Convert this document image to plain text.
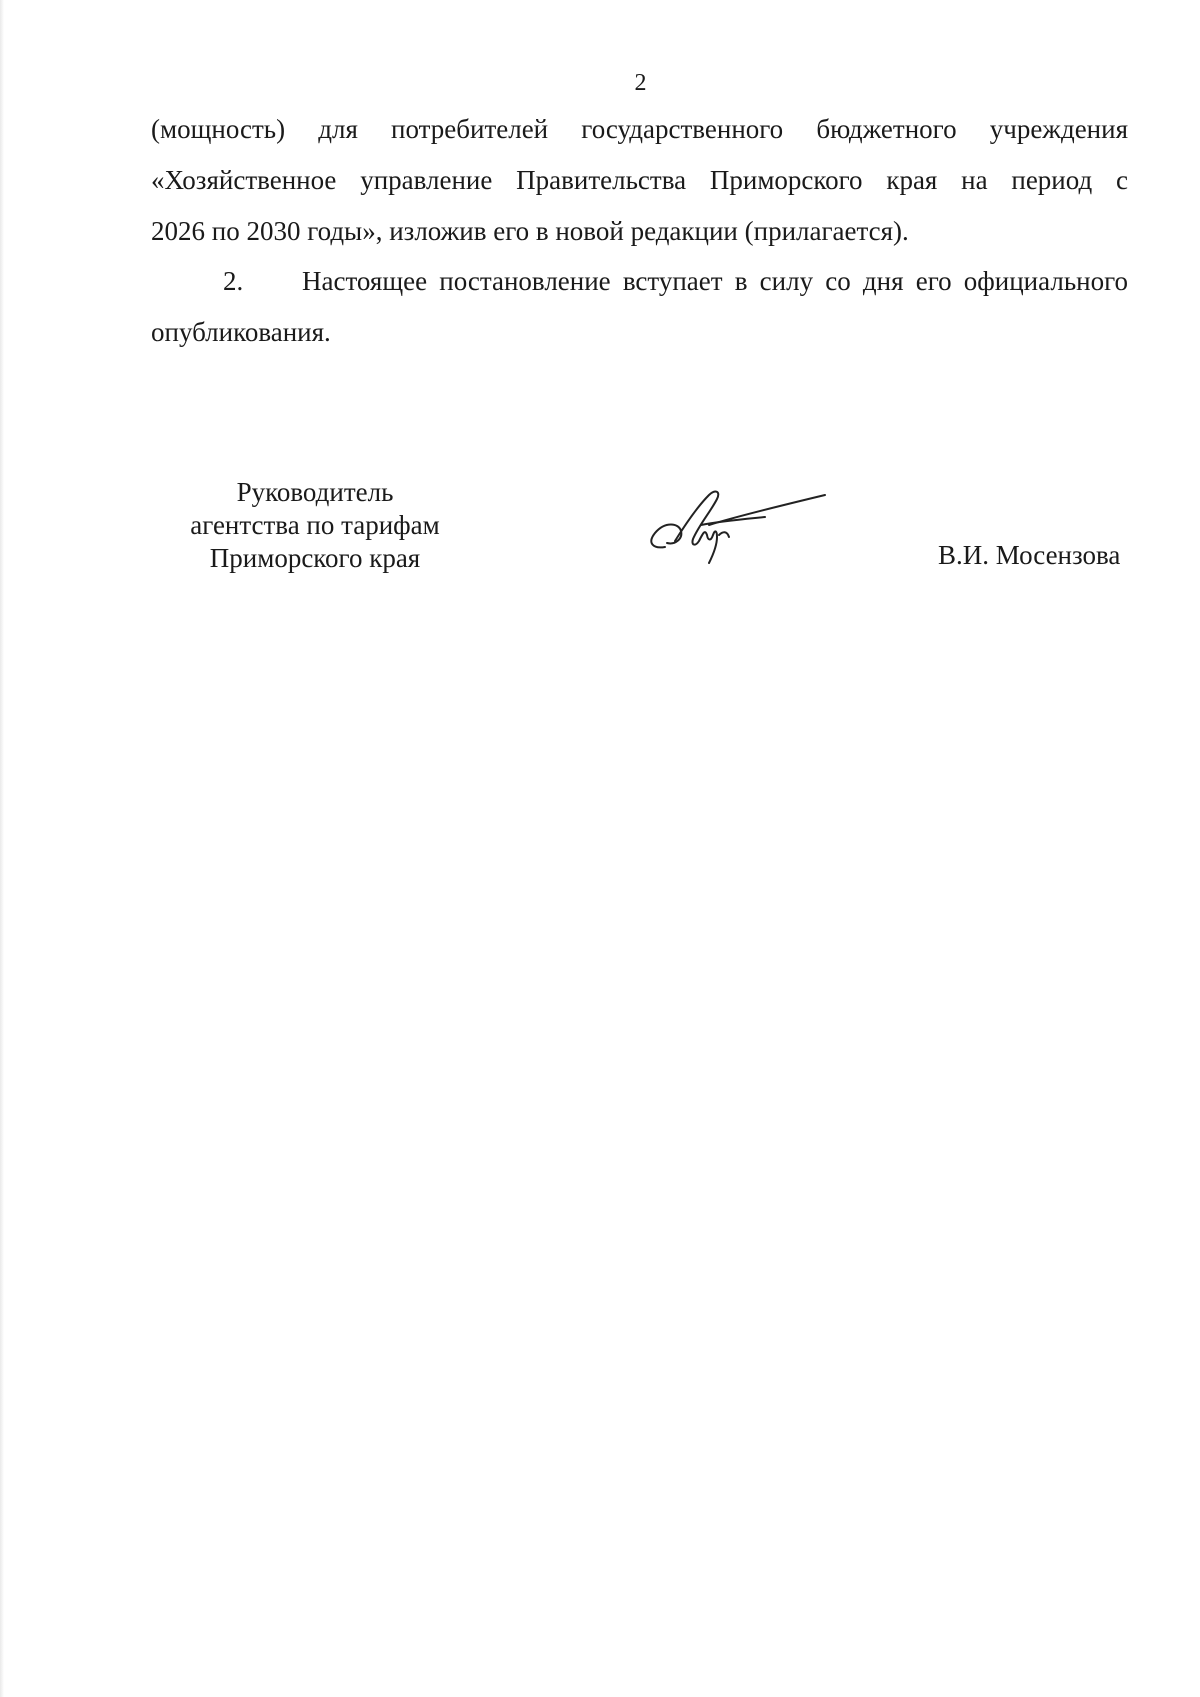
2
(мощность) для потребителей государственного бюджетного учреждения
«Хозяйственное управление Правительства Приморского края на период с
2026 по 2030 годы», изложив его в новой редакции (прилагается).
2.	Настоящее постановление вступает в силу со дня его официального
опубликования.
Руководитель
агентства по тарифам
Приморского края	В.И. Мосензова
